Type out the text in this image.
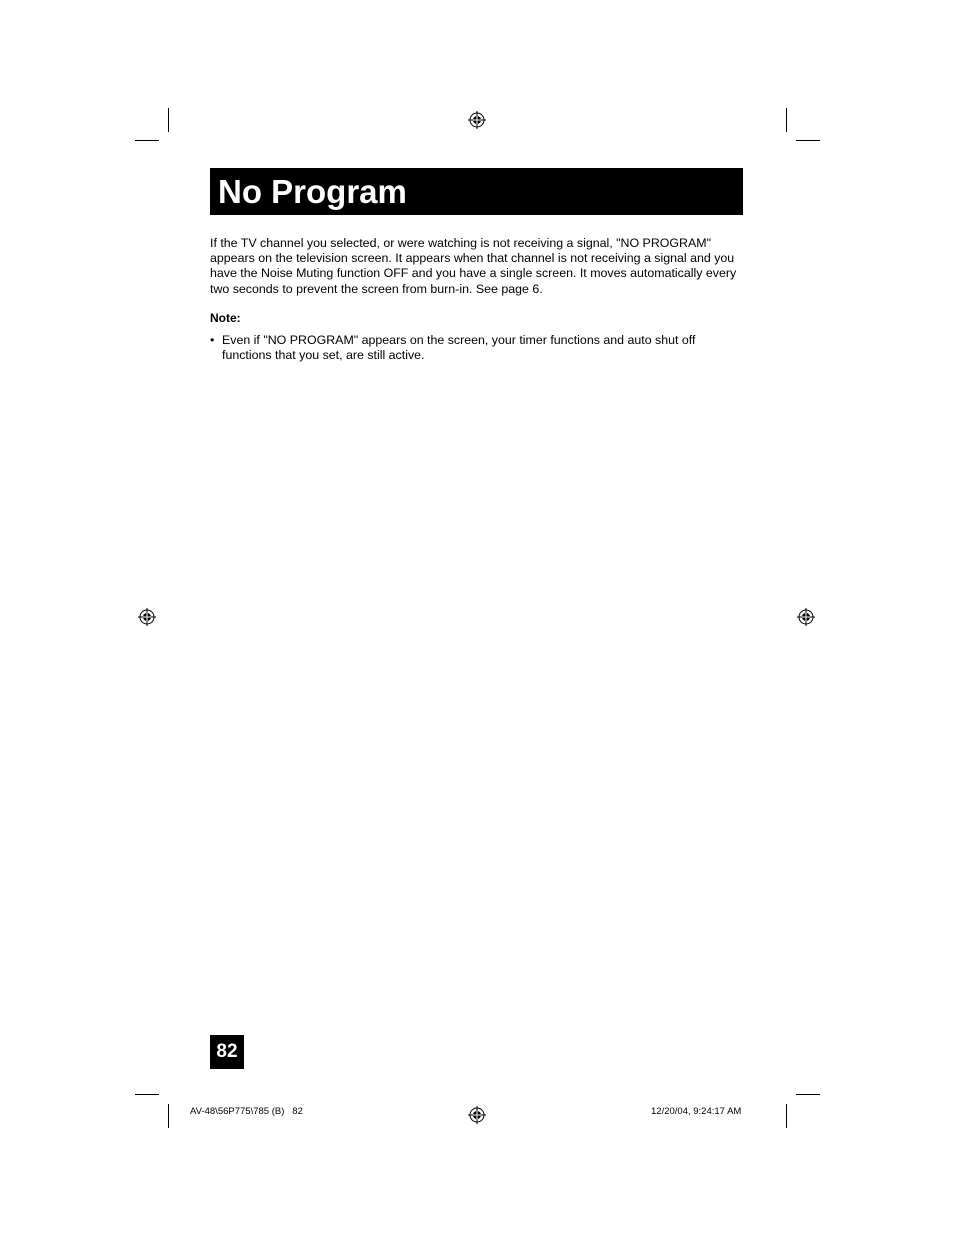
No Program

If the TV channel you selected, or were watching is not receiving a signal, "NO PROGRAM" appears on the television screen. It appears when that channel is not receiving a signal and you have the Noise Muting function OFF and you have a single screen. It moves automatically every two seconds to prevent the screen from burn-in. See page 6.

Note:

• Even if "NO PROGRAM" appears on the screen, your timer functions and auto shut off functions that you set, are still active.
82
AV-48\56P775\785 (B)   82	12/20/04, 9:24:17 AM
